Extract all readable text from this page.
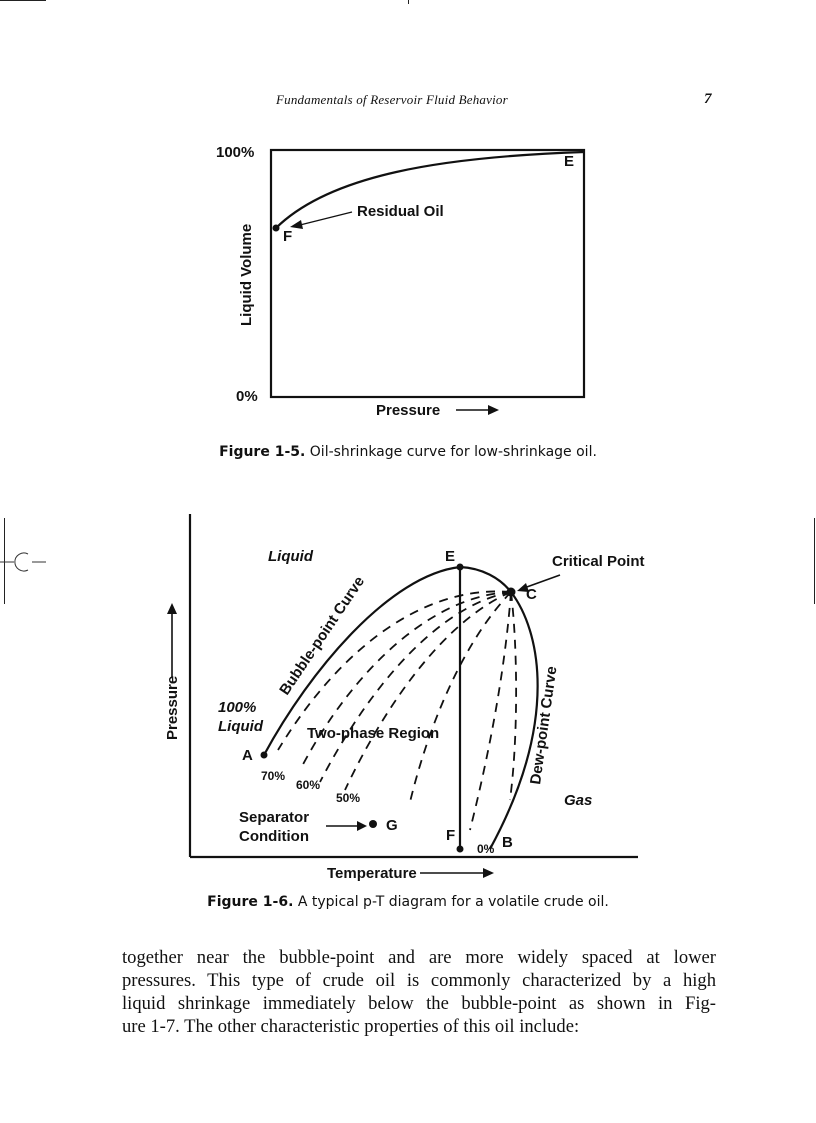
Fundamentals of Reservoir Fluid Behavior	7
100%
0%
Liquid Volume
Pressure
E
F
Residual Oil
Figure 1-5. Oil-shrinkage curve for low-shrinkage oil.
Liquid
Gas
Two-phase Region
Bubble-point Curve
Dew-point Curve
Critical Point
100%
Liquid
Separator
Condition
Temperature
Pressure
A
B
C
E
F
G
70%
60%
50%
0%
Figure 1-6. A typical p-T diagram for a volatile crude oil.
together near the bubble-point and are more widely spaced at lower
pressures. This type of crude oil is commonly characterized by a high
liquid shrinkage immediately below the bubble-point as shown in Fig-
ure 1-7. The other characteristic properties of this oil include:
